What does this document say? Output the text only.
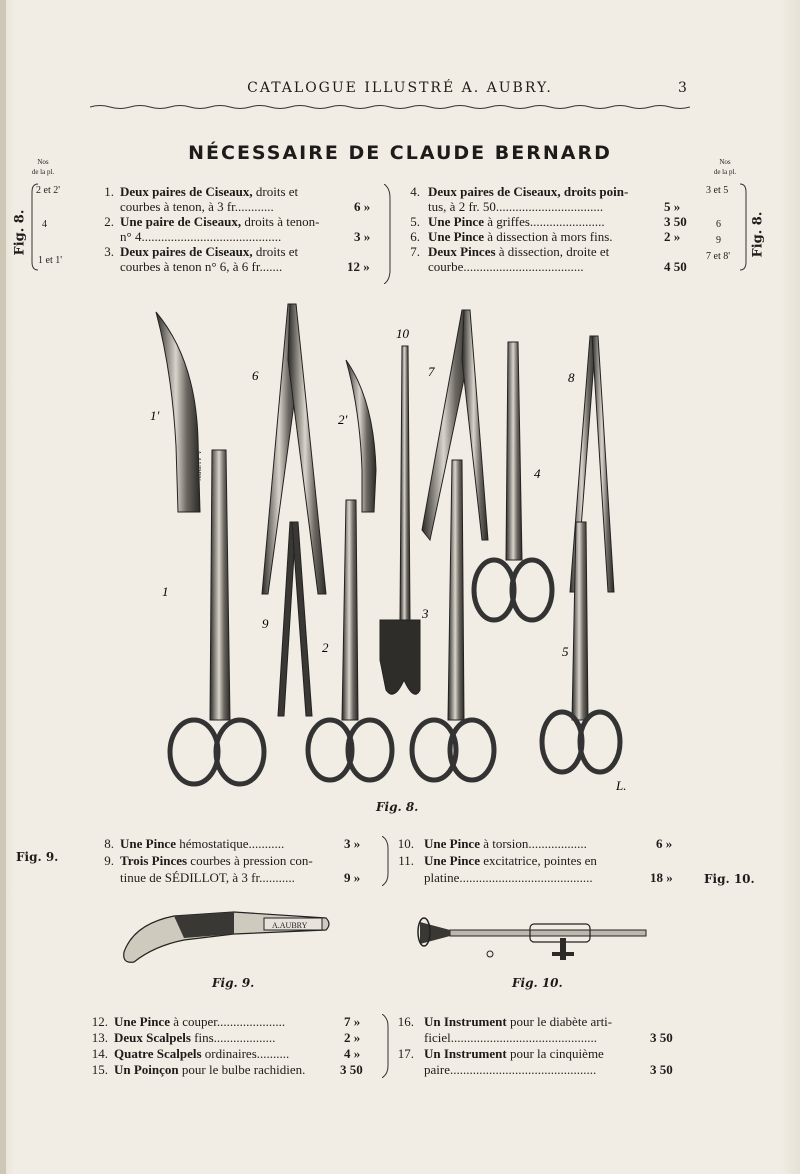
CATALOGUE ILLUSTRÉ A. AUBRY.	3
NÉCESSAIRE DE CLAUDE BERNARD
Nos
de la pl.
2 et 2'
4
1 et 1'
Fig. 8.
Nos
de la pl.
3 et 5
6
9
7 et 8' Fig. 8.
1. Deux paires de Ciseaux, droits et
courbes à tenon, à 3 fr............	6 »
2. Une paire de Ciseaux, droits à tenon-
n° 4...........................................	3 »
3. Deux paires de Ciseaux, droits et
courbes à tenon n° 6, à 6 fr.......	12 »
4. Deux paires de Ciseaux, droits poin-
tus, à 2 fr. 50.................................	5 »
5. Une Pince à griffes.......................	3 50
6. Une Pince à dissection à mors fins.	2 »
7. Deux Pinces à dissection, droite et
courbe.....................................	4 50
A.AUBRY
1'
6
2'
10
7	8
4
1
9
2
3
5
L.
Fig. 8.
Fig. 9.
Fig. 10.
8. Une Pince hémostatique...........	3 »
9. Trois Pinces courbes à pression con-
tinue de SÉDILLOT, à 3 fr...........	9 »
10. Une Pince à torsion..................	6 »
11. Une Pince excitatrice, pointes en
platine.........................................	18 »
A.AUBRY
Fig. 9.	Fig. 10.
12. Une Pince à couper.....................	7 »
13. Deux Scalpels fins...................	2 »
14. Quatre Scalpels ordinaires..........	4 »
15. Un Poinçon pour le bulbe rachidien.	3 50
16. Un Instrument pour le diabète arti-
ficiel.............................................	3 50
17. Un Instrument pour la cinquième
paire.............................................	3 50
